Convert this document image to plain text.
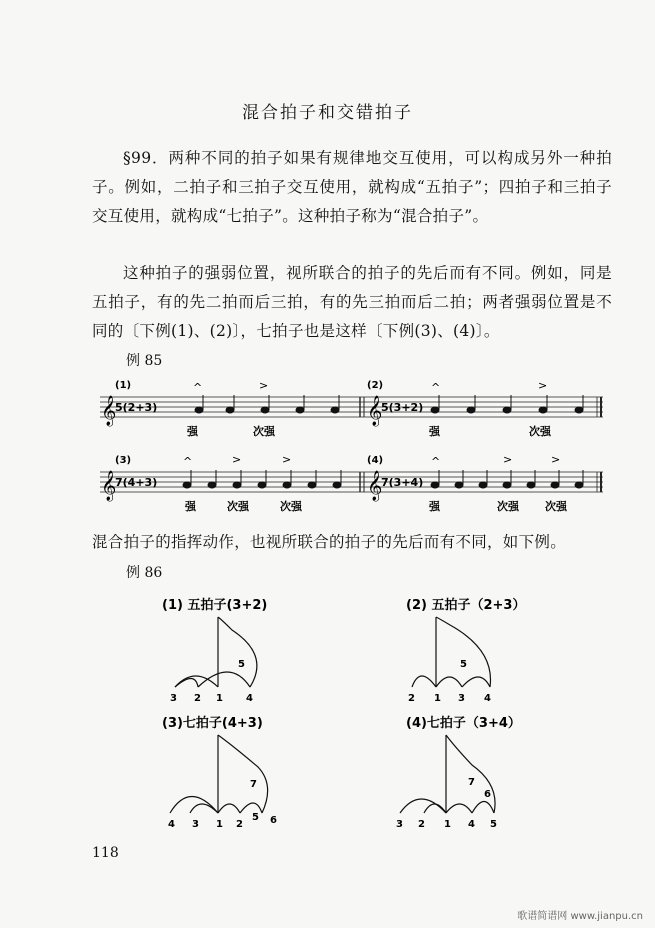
混合拍子和交错拍子

§99．两种不同的拍子如果有规律地交互使用，可以构成另外一种拍子。例如，二拍子和三拍子交互使用，就构成“五拍子”；四拍子和三拍子交互使用，就构成“七拍子”。这种拍子称为“混合拍子”。

这种拍子的强弱位置，视所联合的拍子的先后而有不同。例如，同是五拍子，有的先二拍而后三拍，有的先三拍而后二拍；两者强弱位置是不同的〔下例(1)、(2)〕，七拍子也是这样〔下例(3)、(4)〕。

例 85
𝄞
5(2+3)
^	>
(1)
强	次强
𝄞
5(3+2)
^	>
(2)
强	次强
𝄞
7(4+3)
^	>	>
(3)
强	次强	次强
𝄞
7(3+4)
^	>	>
(4)
强	次强 次强
混合拍子的指挥动作，也视所联合的拍子的先后而有不同，如下例。
例 86
(1) 五拍子(3+2)
3 2 1 4
5
(2) 五拍子（2+3）
2 1 3 4
5
(3)七拍子(4+3)
4 3 1 2
5 6
7
(4)七拍子（3+4）
3 2 1 4 5
6
7
118
歌谱简谱网 www.jianpu.cn
